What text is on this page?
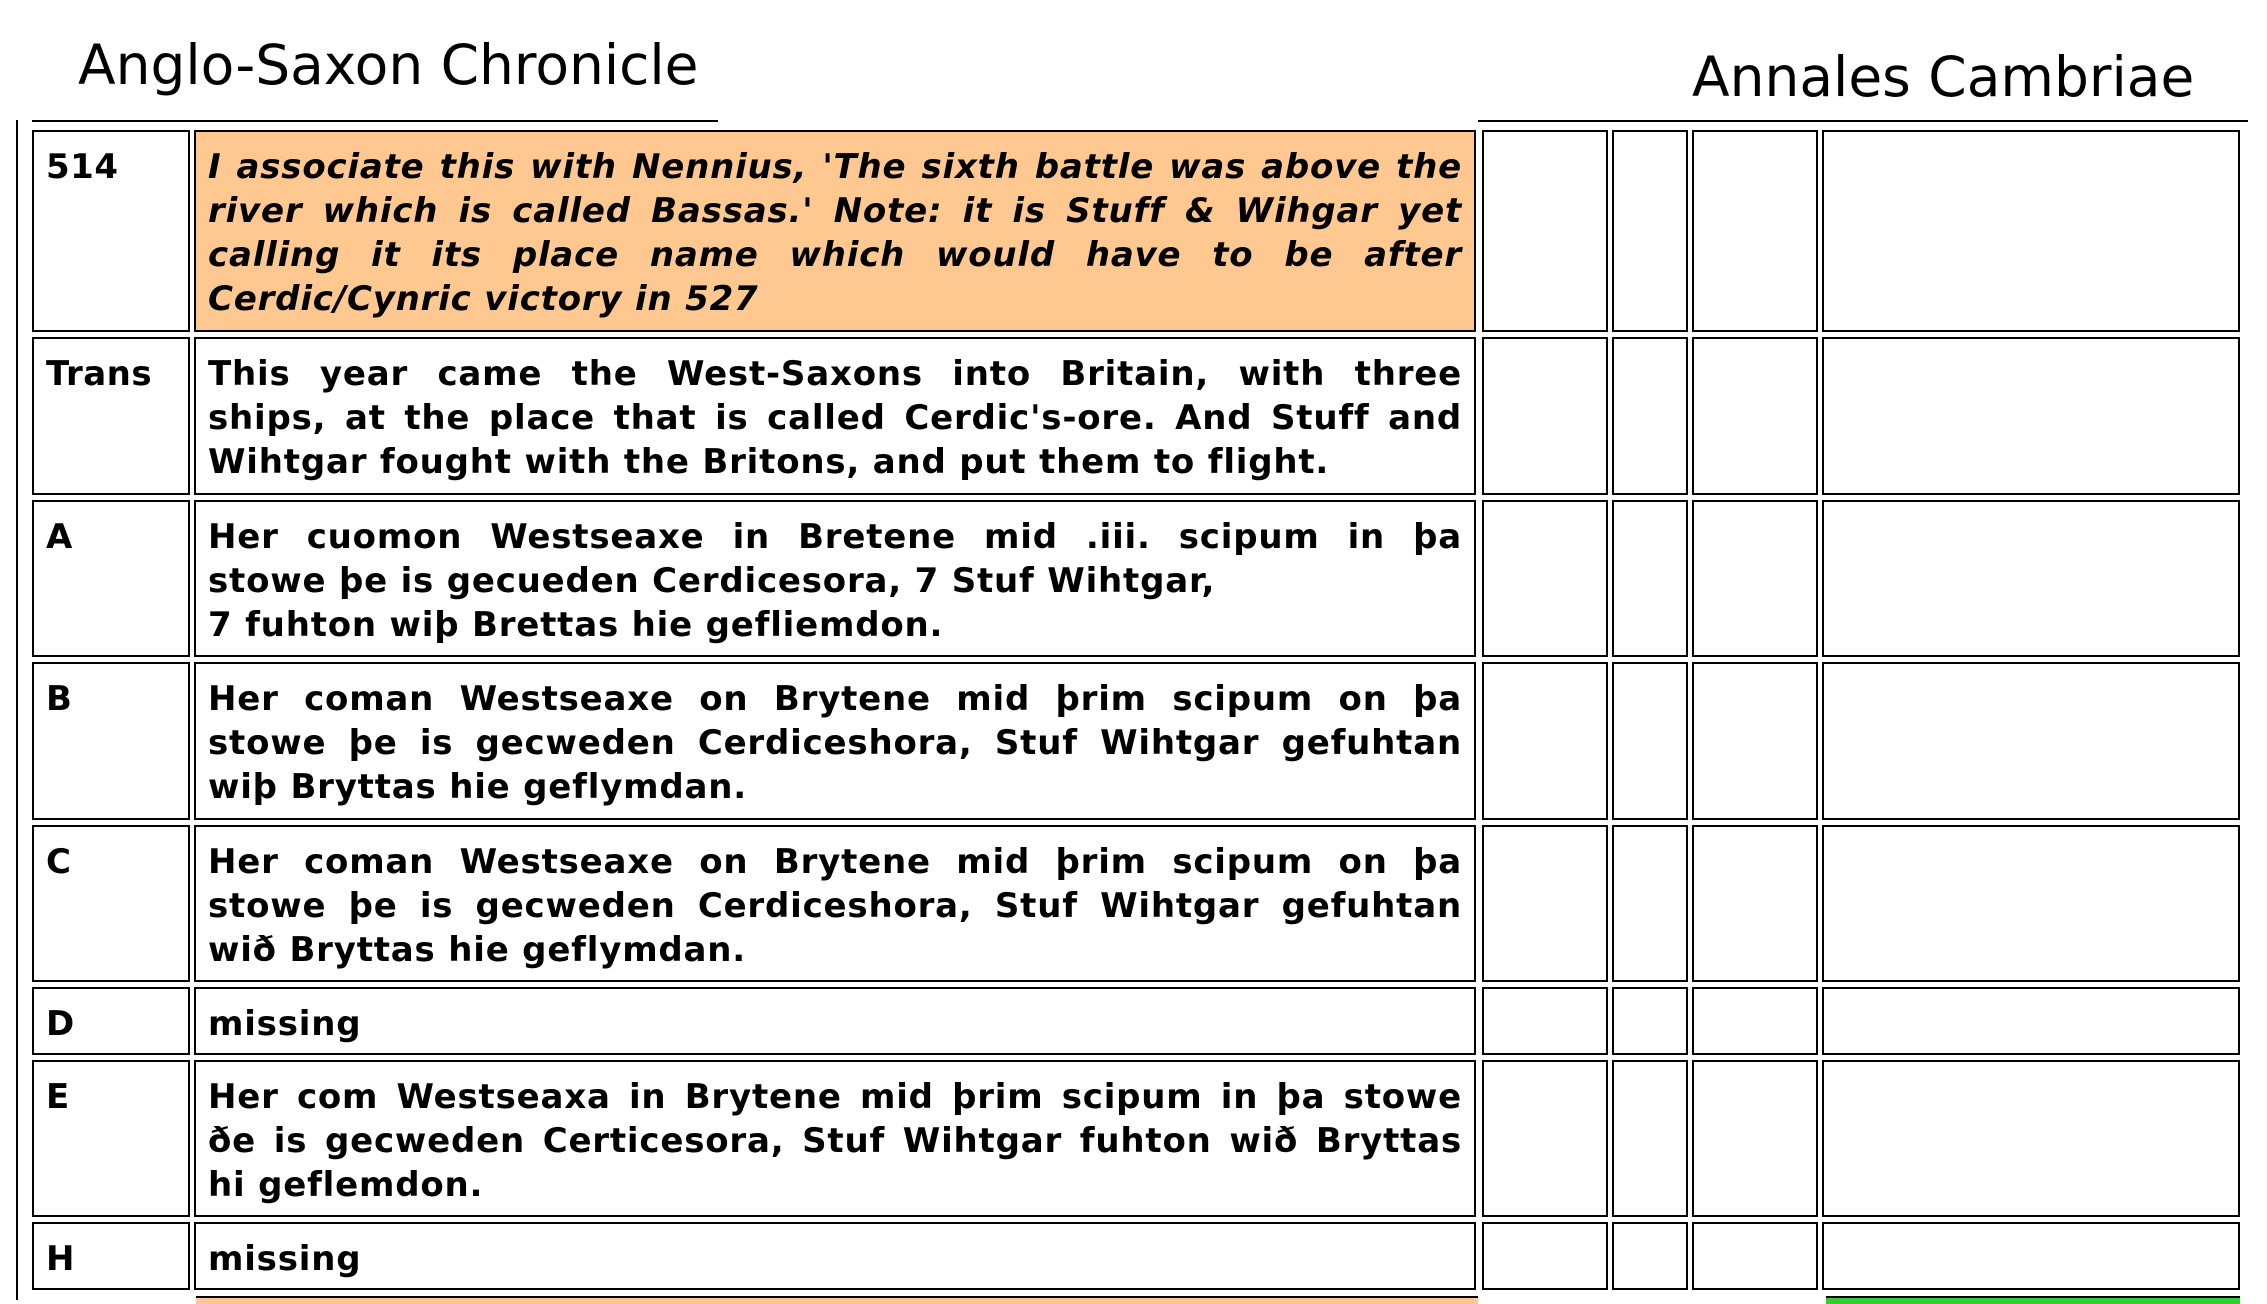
Anglo-Saxon Chronicle	Annales Cambriae
514	I associate this with Nennius, 'The sixth battle was above the
river which is called Bassas.' Note: it is Stuff & Wihgar yet
calling it its place name which would have to be after
Cerdic/Cynric victory in 527
Trans	This year came the West-Saxons into Britain, with three
ships, at the place that is called Cerdic's-ore. And Stuff and
Wihtgar fought with the Britons, and put them to flight.
A	Her cuomon Westseaxe in Bretene mid .iii. scipum in þa
stowe þe is gecueden Cerdicesora, 7 Stuf Wihtgar,
7 fuhton wiþ Brettas hie gefliemdon.
B	Her coman Westseaxe on Brytene mid þrim scipum on þa
stowe þe is gecweden Cerdiceshora, Stuf Wihtgar gefuhtan
wiþ Bryttas hie geflymdan.
C	Her coman Westseaxe on Brytene mid þrim scipum on þa
stowe þe is gecweden Cerdiceshora, Stuf Wihtgar gefuhtan
wið Bryttas hie geflymdan.
D	missing
E	Her com Westseaxa in Brytene mid þrim scipum in þa stowe
ðe is gecweden Certicesora, Stuf Wihtgar fuhton wið Bryttas
hi geflemdon.
H	missing
